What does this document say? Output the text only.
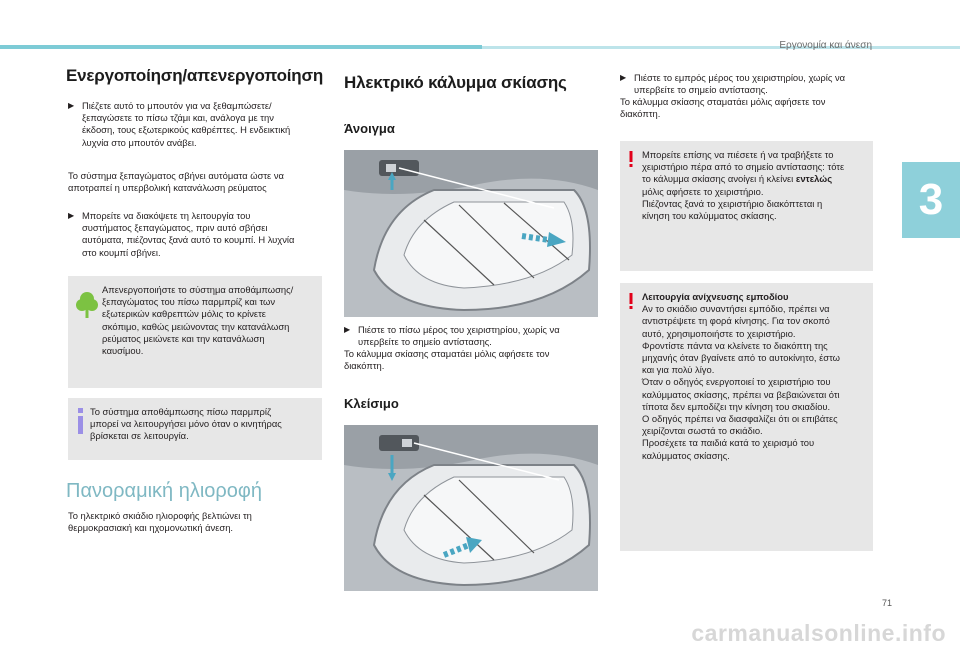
Εργονομία και άνεση
3
71
carmanualsonline.info
Ενεργοποίηση/απενεργοποίηση
▶ Πιέζετε αυτό το μπουτόν για να ξεθαμπώσετε/
ξεπαγώσετε το πίσω τζάμι και, ανάλογα με την
έκδοση, τους εξωτερικούς καθρέπτες. Η ενδεικτική
λυχνία στο μπουτόν ανάβει.
Το σύστημα ξεπαγώματος σβήνει αυτόματα ώστε να
αποτραπεί η υπερβολική κατανάλωση ρεύματος
▶ Μπορείτε να διακόψετε τη λειτουργία του
συστήματος ξεπαγώματος, πριν αυτό σβήσει
αυτόματα, πιέζοντας ξανά αυτό το κουμπί. Η λυχνία
στο κουμπί σβήνει.
Απενεργοποιήστε το σύστημα αποθάμπωσης/
ξεπαγώματος του πίσω παρμπρίζ και των
εξωτερικών καθρεπτών μόλις το κρίνετε
σκόπιμο, καθώς μειώνοντας την κατανάλωση
ρεύματος μειώνετε και την κατανάλωση
καυσίμου.
Το σύστημα αποθάμπωσης πίσω παρμπρίζ
μπορεί να λειτουργήσει μόνο όταν ο κινητήρας
βρίσκεται σε λειτουργία.
Πανοραμική ηλιοροφή
Το ηλεκτρικό σκιάδιο ηλιοροφής βελτιώνει τη
θερμοκρασιακή και ηχομονωτική άνεση.
Ηλεκτρικό κάλυμμα σκίασης
Άνοιγμα
▶ Πιέστε το πίσω μέρος του χειριστηρίου, χωρίς να
υπερβείτε το σημείο αντίστασης.
Το κάλυμμα σκίασης σταματάει μόλις αφήσετε τον
διακόπτη.
Κλείσιμο
▶ Πιέστε το εμπρός μέρος του χειριστηρίου, χωρίς να
υπερβείτε το σημείο αντίστασης.
Το κάλυμμα σκίασης σταματάει μόλις αφήσετε τον
διακόπτη.
Μπορείτε επίσης να πιέσετε ή να τραβήξετε το
χειριστήριο πέρα από το σημείο αντίστασης: τότε
το κάλυμμα σκίασης ανοίγει ή κλείνει εντελώς
μόλις αφήσετε το χειριστήριο.
Πιέζοντας ξανά το χειριστήριο διακόπτεται η
κίνηση του καλύμματος σκίασης.
Λειτουργία ανίχνευσης εμποδίου
Αν το σκιάδιο συναντήσει εμπόδιο, πρέπει να
αντιστρέψετε τη φορά κίνησης. Για τον σκοπό
αυτό, χρησιμοποιήστε το χειριστήριο.
Φροντίστε πάντα να κλείνετε το διακόπτη της
μηχανής όταν βγαίνετε από το αυτοκίνητο, έστω
και για πολύ λίγο.
Όταν ο οδηγός ενεργοποιεί το χειριστήριο του
καλύμματος σκίασης, πρέπει να βεβαιώνεται ότι
τίποτα δεν εμποδίζει την κίνηση του σκιαδίου.
Ο οδηγός πρέπει να διασφαλίζει ότι οι επιβάτες
χειρίζονται σωστά το σκιάδιο.
Προσέχετε τα παιδιά κατά το χειρισμό του
καλύμματος σκίασης.
